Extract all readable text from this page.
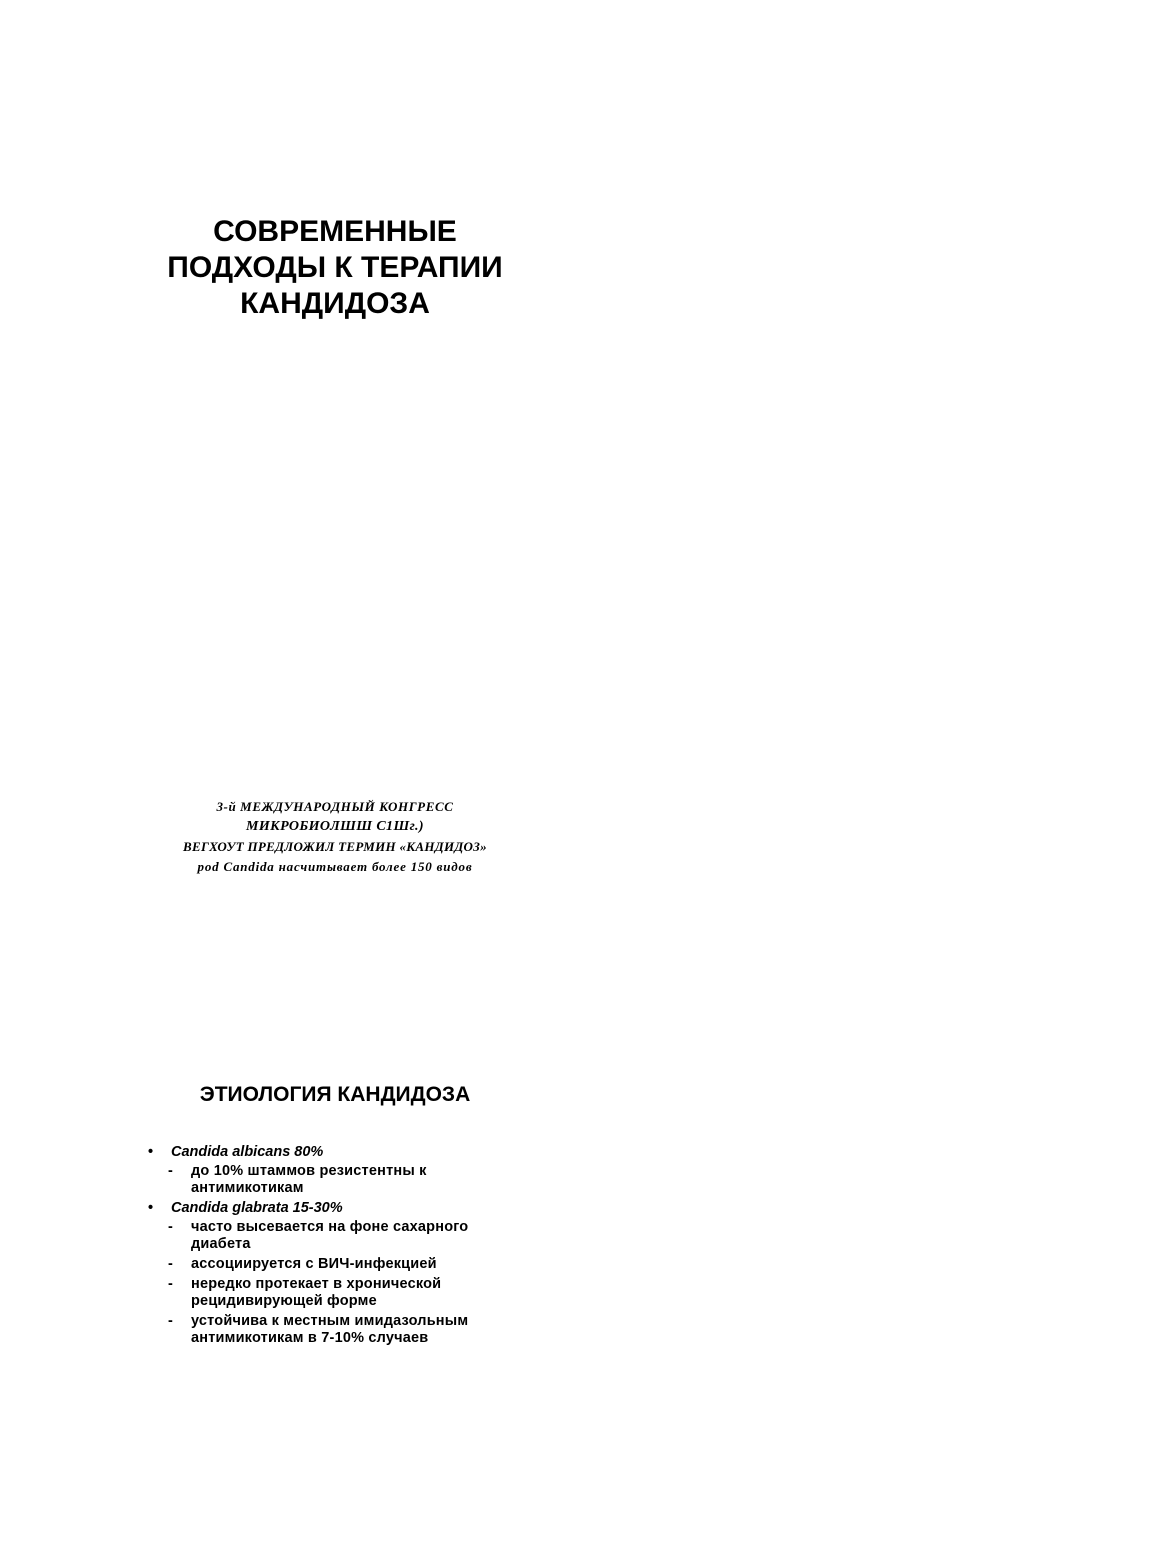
СОВРЕМЕННЫЕ
ПОДХОДЫ К ТЕРАПИИ
КАНДИДОЗА
3-й МЕЖДУНАРОДНЫЙ КОНГРЕСС
МИКРОБИОЛШШ С1Шг.)
ВЕГХОУТ ПРЕДЛОЖИЛ ТЕРМИН «КАНДИДОЗ»
pod Candida насчитывает более 150 видов
ЭТИОЛОГИЯ КАНДИДОЗА
• Candida albicans 80%
- до 10% штаммов резистентны к
антимикотикам
• Candida glabrata 15-30%
- часто высевается на фоне сахарного
диабета
- ассоциируется с ВИЧ-инфекцией
- нередко протекает в хронической
рецидивирующей форме
- устойчива к местным имидазольным
антимикотикам в 7-10% случаев
